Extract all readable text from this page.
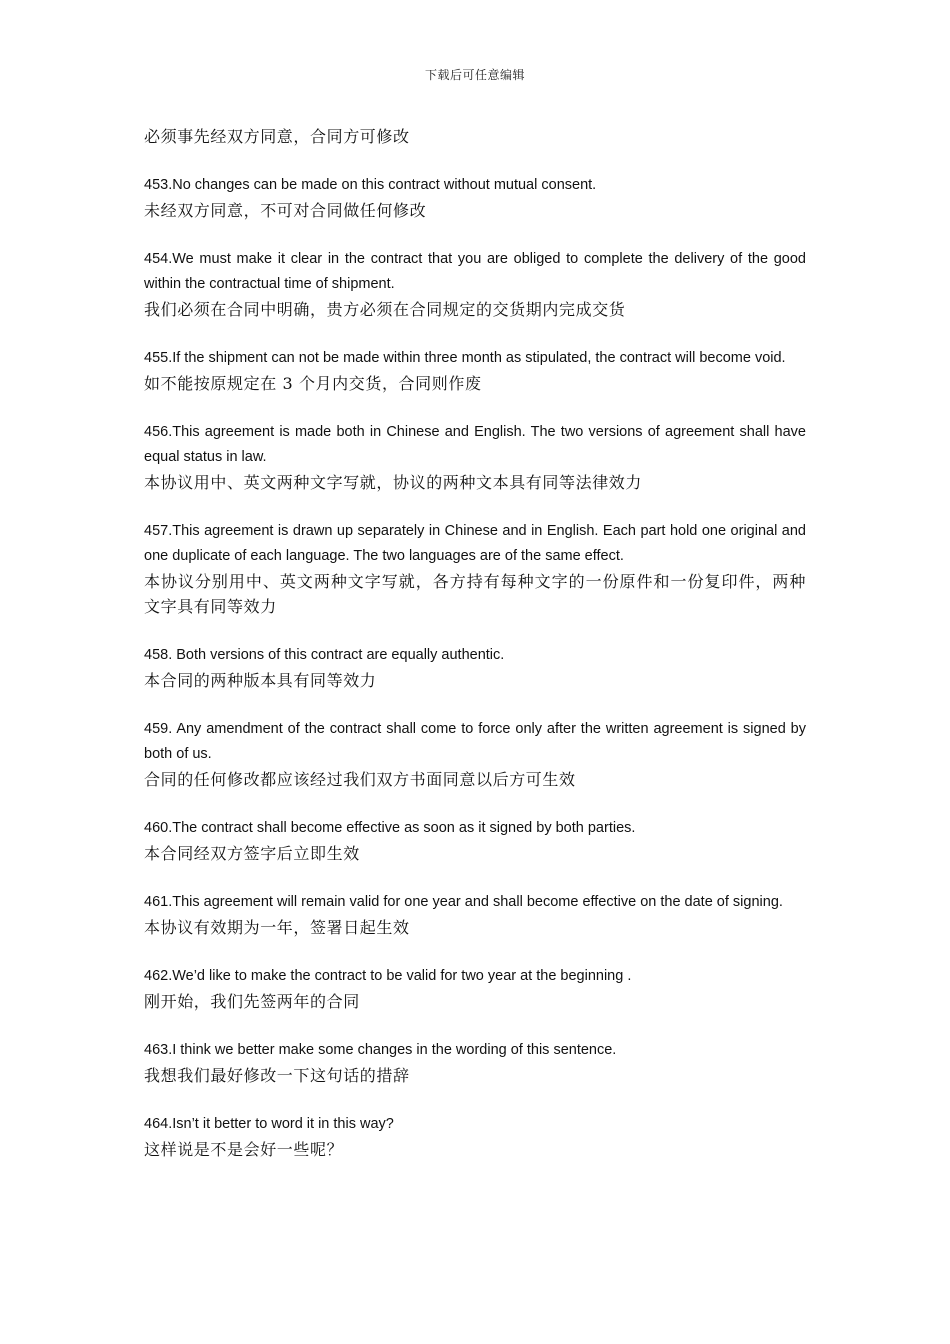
下载后可任意编辑

必须事先经双方同意，合同方可修改

453.No changes can be made on this contract without mutual consent.

未经双方同意，不可对合同做任何修改

454.We must make it clear in the contract that you are obliged to complete the delivery of the good within the contractual time of shipment.

我们必须在合同中明确，贵方必须在合同规定的交货期内完成交货

455.If the shipment can not be made within three month as stipulated, the contract will become void.

如不能按原规定在 3 个月内交货，合同则作废

456.This agreement is made both in Chinese and English. The two versions of agreement shall have equal status in law.

本协议用中、英文两种文字写就，协议的两种文本具有同等法律效力

457.This agreement is drawn up separately in Chinese and in English. Each part hold one original and one duplicate of each language. The two languages are of the same effect.

本协议分别用中、英文两种文字写就，各方持有每种文字的一份原件和一份复印件，两种文字具有同等效力

458. Both versions of this contract are equally authentic.

本合同的两种版本具有同等效力

459. Any amendment of the contract shall come to force only after the written agreement is signed by both of us.

合同的任何修改都应该经过我们双方书面同意以后方可生效

460.The contract shall become effective as soon as it signed by both parties.

本合同经双方签字后立即生效

461.This agreement will remain valid for one year and shall become effective on the date of signing.

本协议有效期为一年，签署日起生效

462.We’d like to make the contract to be valid for two year at the beginning .

刚开始，我们先签两年的合同

463.I think we better make some changes in the wording of this sentence.

我想我们最好修改一下这句话的措辞

464.Isn’t it better to word it in this way?

这样说是不是会好一些呢？
